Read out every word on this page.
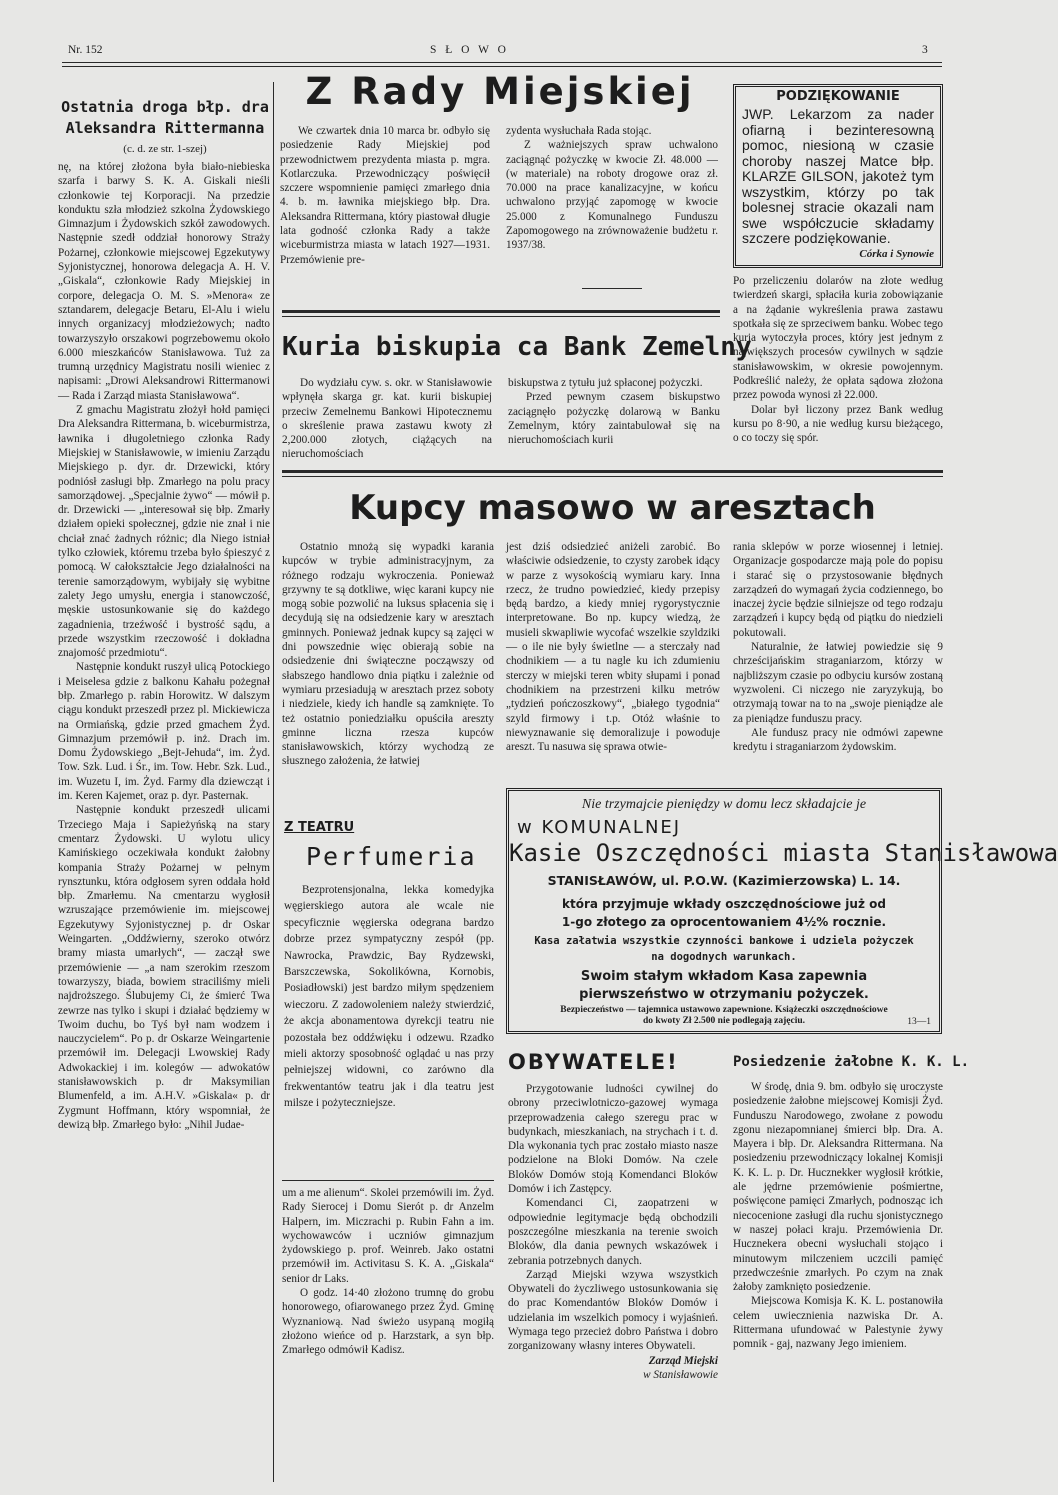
Nr. 152	S Ł O W O	3
Ostatnia droga błp. dra
Aleksandra Rittermanna
(c. d. ze str. 1-szej)

nę, na której złożona była biało-niebieska szarfa i barwy S. K. A. Giskali nieśli członkowie tej Korporacji. Na przedzie konduktu szła młodzież szkolna Żydowskiego Gimnazjum i Żydowskich szkół zawodowych. Następnie szedł oddział honorowy Straży Pożarnej, członkowie miejscowej Egzekutywy Syjonistycznej, honorowa delegacja A. H. V. „Giskala“, członkowie Rady Miejskiej in corpore, delegacja O. M. S. »Menora« ze sztandarem, delegacje Betaru, El-Alu i wielu innych organizacyj młodzieżowych; nadto towarzyszyło orszakowi pogrzebowemu około 6.000 mieszkańców Stanisławowa. Tuż za trumną urzędnicy Magistratu nosili wieniec z napisami: „Drowi Aleksandrowi Rittermanowi — Rada i Zarząd miasta Stanisławowa“.

Z gmachu Magistratu złożył hołd pamięci Dra Aleksandra Rittermana, b. wiceburmistrza, ławnika i długoletniego członka Rady Miejskiej w Stanisławowie, w imieniu Zarządu Miejskiego p. dyr. dr. Drzewicki, który podniósł zasługi błp. Zmarłego na polu pracy samorządowej. „Specjalnie żywo“ — mówił p. dr. Drzewicki — „interesował się błp. Zmarły działem opieki społecznej, gdzie nie znał i nie chciał znać żadnych różnic; dla Niego istniał tylko człowiek, któremu trzeba było śpieszyć z pomocą. W całokształcie Jego działalności na terenie samorządowym, wybijały się wybitne zalety Jego umysłu, energia i stanowczość, męskie ustosunkowanie się do każdego zagadnienia, trzeźwość i bystrość sądu, a przede wszystkim rzeczowość i dokładna znajomość przedmiotu“.

Następnie kondukt ruszył ulicą Potockiego i Meiselesa gdzie z balkonu Kahału pożegnał błp. Zmarłego p. rabin Horowitz. W dalszym ciągu kondukt przeszedł przez pl. Mickiewicza na Ormiańską, gdzie przed gmachem Żyd. Gimnazjum przemówił p. inż. Drach im. Domu Żydowskiego „Bejt-Jehuda“, im. Żyd. Tow. Szk. Lud. i Śr., im. Tow. Hebr. Szk. Lud., im. Wuzetu I, im. Żyd. Farmy dla dziewcząt i im. Keren Kajemet, oraz p. dyr. Pasternak.

Następnie kondukt przeszedł ulicami Trzeciego Maja i Sapieżyńską na stary cmentarz Żydowski. U wylotu ulicy Kamińskiego oczekiwała kondukt żałobny kompania Straży Pożarnej w pełnym rynsztunku, która odgłosem syren oddała hołd błp. Zmarłemu. Na cmentarzu wygłosił wzruszające przemówienie im. miejscowej Egzekutywy Syjonistycznej p. dr Oskar Weingarten. „Oddźwierny, szeroko otwórz bramy miasta umarłych“, — zaczął swe przemówienie — „a nam szerokim rzeszom towarzyszy, biada, bowiem straciliśmy mieli najdroższego. Ślubujemy Ci, że śmierć Twa zewrze nas tylko i skupi i działać będziemy w Twoim duchu, bo Tyś był nam wodzem i nauczycielem“. Po p. dr Oskarze Weingartenie przemówił im. Delegacji Lwowskiej Rady Adwokackiej i im. kolegów — adwokatów stanisławowskich p. dr Maksymilian Blumenfeld, a im. A.H.V. »Giskala« p. dr Zygmunt Hoffmann, który wspomniał, że dewizą błp. Zmarłego było: „Nihil Judae-

Z Rady Miejskiej

We czwartek dnia 10 marca br. odbyło się posiedzenie Rady Miejskiej pod przewodnictwem prezydenta miasta p. mgra. Kotlarczuka. Przewodniczący poświęcił szczere wspomnienie pamięci zmarłego dnia 4. b. m. ławnika miejskiego błp. Dra. Aleksandra Rittermana, który piastował długie lata godność członka Rady a także wiceburmistrza miasta w latach 1927—1931. Przemówienie pre-

zydenta wysłuchała Rada stojąc.

Z ważniejszych spraw uchwalono zaciągnąć pożyczkę w kwocie Zł. 48.000 — (w materiale) na roboty drogowe oraz zł. 70.000 na prace kanalizacyjne, w końcu uchwalono przyjąć zapomogę w kwocie 25.000 z Komunalnego Funduszu Zapomogowego na zrównoważenie budżetu r. 1937/38.

PODZIĘKOWANIE
JWP. Lekarzom za nader ofiarną i bezinteresowną pomoc, niesioną w czasie choroby naszej Matce błp. KLARZE GILSON, jakoteż tym wszystkim, którzy po tak bolesnej stracie okazali nam swe współczucie składamy szczere podziękowanie.
Córka i Synowie
Kuria biskupia ca Bank Zemelny

Do wydziału cyw. s. okr. w Stanisławowie wpłynęła skarga gr. kat. kurii biskupiej przeciw Zemelnemu Bankowi Hipotecznemu o skreślenie prawa zastawu kwoty zł 2,200.000 złotych, ciążących na nieruchomościach

biskupstwa z tytułu już spłaconej pożyczki.

Przed pewnym czasem biskupstwo zaciągnęło pożyczkę dolarową w Banku Zemelnym, który zaintabulował się na nieruchomościach kurii

Po przeliczeniu dolarów na złote według twierdzeń skargi, spłaciła kuria zobowiązanie a na żądanie wykreślenia prawa zastawu spotkała się ze sprzeciwem banku. Wobec tego kuria wytoczyła proces, który jest jednym z największych procesów cywilnych w sądzie stanisławowskim, w okresie powojennym. Podkreślić należy, że opłata sądowa złożona przez powoda wynosi zł 22.000.

Dolar był liczony przez Bank według kursu po 8·90, a nie według kursu bieżącego, o co toczy się spór.

Kupcy masowo w aresztach

Ostatnio mnożą się wypadki karania kupców w trybie administracyjnym, za różnego rodzaju wykroczenia. Ponieważ grzywny te są dotkliwe, więc karani kupcy nie mogą sobie pozwolić na luksus spłacenia się i decydują się na odsiedzenie kary w aresztach gminnych. Ponieważ jednak kupcy są zajęci w dni powszednie więc obierają sobie na odsiedzenie dni świąteczne począwszy od słabszego handlowo dnia piątku i zależnie od wymiaru przesiadują w aresztach przez soboty i niedziele, kiedy ich handle są zamknięte. To też ostatnio poniedziałku opuściła areszty gminne liczna rzesza kupców stanisławowskich, którzy wychodzą ze słusznego założenia, że łatwiej

jest dziś odsiedzieć aniżeli zarobić. Bo właściwie odsiedzenie, to czysty zarobek idący w parze z wysokością wymiaru kary. Inna rzecz, że trudno powiedzieć, kiedy przepisy będą bardzo, a kiedy mniej rygorystycznie interpretowane. Bo np. kupcy wiedzą, że musieli skwapliwie wycofać wszelkie szyldziki — o ile nie były świetlne — a sterczały nad chodnikiem — a tu nagle ku ich zdumieniu sterczy w miejski teren wbity słupami i ponad chodnikiem na przestrzeni kilku metrów „tydzień pończoszkowy“, „białego tygodnia“ szyld firmowy i t.p. Otóż właśnie to niewyznawanie się demoralizuje i powoduje areszt. Tu nasuwa się sprawa otwie-

rania sklepów w porze wiosennej i letniej. Organizacje gospodarcze mają pole do popisu i starać się o przystosowanie błędnych zarządzeń do wymagań życia codziennego, bo inaczej życie będzie silniejsze od tego rodzaju zarządzeń i kupcy będą od piątku do niedzieli pokutowali.

Naturalnie, że łatwiej powiedzie się 9 chrześcijańskim straganiarzom, którzy w najbliższym czasie po odbyciu kursów zostaną wyzwoleni. Ci niczego nie zaryzykują, bo otrzymają towar na to na „swoje pieniądze ale za pieniądze funduszu pracy.

Ale fundusz pracy nie odmówi zapewne kredytu i straganiarzom żydowskim.

Z TEATRU
Perfumeria

Bezprotensjonalna, lekka komedyjka węgierskiego autora ale wcale nie specyficznie węgierska odegrana bardzo dobrze przez sympatyczny zespół (pp. Nawrocka, Prawdzic, Bay Rydzewski, Barszczewska, Sokolikówna, Kornobis, Posiadłowski) jest bardzo miłym spędzeniem wieczoru. Z zadowoleniem należy stwierdzić, że akcja abonamentowa dyrekcji teatru nie pozostała bez oddźwięku i odzewu. Rzadko mieli aktorzy sposobność oglądać u nas przy pełniejszej widowni, co zarówno dla frekwentantów teatru jak i dla teatru jest milsze i pożyteczniejsze.

Nie trzymajcie pieniędzy w domu lecz składajcie je
w KOMUNALNEJ
Kasie Oszczędności miasta Stanisławowa
STANISŁAWÓW, ul. P.O.W. (Kazimierzowska) L. 14.
która przyjmuje wkłady oszczędnościowe już od
1-go złotego za oprocentowaniem 4½% rocznie.
Kasa załatwia wszystkie czynności bankowe i udziela pożyczek
na dogodnych warunkach.
Swoim stałym wkładom Kasa zapewnia
pierwszeństwo w otrzymaniu pożyczek.
Bezpieczeństwo — tajemnica ustawowo zapewnione. Książeczki oszczędnościowe
do kwoty Zł 2.500 nie podlegają zajęciu.	13—1
OBYWATELE!

Przygotowanie ludności cywilnej do obrony przeciwlotniczo-gazowej wymaga przeprowadzenia całego szeregu prac w budynkach, mieszkaniach, na strychach i t. d. Dla wykonania tych prac zostało miasto nasze podzielone na Bloki Domów. Na czele Bloków Domów stoją Komendanci Bloków Domów i ich Zastępcy.

Komendanci Ci, zaopatrzeni w odpowiednie legitymacje będą obchodzili poszczególne mieszkania na terenie swoich Bloków, dla dania pewnych wskazówek i zebrania potrzebnych danych.

Zarząd Miejski wzywa wszystkich Obywateli do życzliwego ustosunkowania się do prac Komendantów Bloków Domów i udzielania im wszelkich pomocy i wyjaśnień. Wymaga tego przecież dobro Państwa i dobro zorganizowany własny interes Obywateli.

Zarząd Miejski

w Stanisławowie

Posiedzenie żałobne K. K. L.

W środę, dnia 9. bm. odbyło się uroczyste posiedzenie żałobne miejscowej Komisji Żyd. Funduszu Narodowego, zwołane z powodu zgonu niezapomnianej śmierci błp. Dra. A. Mayera i błp. Dr. Aleksandra Rittermana. Na posiedzeniu przewodniczący lokalnej Komisji K. K. L. p. Dr. Hucznekker wygłosił krótkie, ale jędrne przemówienie pośmiertne, poświęcone pamięci Zmarłych, podnosząc ich niecocenione zasługi dla ruchu sjonistycznego w naszej połaci kraju. Przemówienia Dr. Hucznekera obecni wysłuchali stojąco i minutowym milczeniem uczcili pamięć przedwcześnie zmarłych. Po czym na znak żałoby zamknięto posiedzenie.

Miejscowa Komisja K. K. L. postanowiła celem uwiecznienia nazwiska Dr. A. Rittermana ufundować w Palestynie żywy pomnik - gaj, nazwany Jego imieniem.

um a me alienum“. Skolei przemówili im. Żyd. Rady Sierocej i Domu Sierót p. dr Anzelm Halpern, im. Miczrachi p. Rubin Fahn a im. wychowawców i uczniów gimnazjum żydowskiego p. prof. Weinreb. Jako ostatni przemówił im. Activitasu S. K. A. „Giskala“ senior dr Laks.

O godz. 14·40 złożono trumnę do grobu honorowego, ofiarowanego przez Żyd. Gminę Wyznaniową. Nad świeżo usypaną mogiłą złożono wieńce od p. Harzstark, a syn błp. Zmarłego odmówił Kadisz.
